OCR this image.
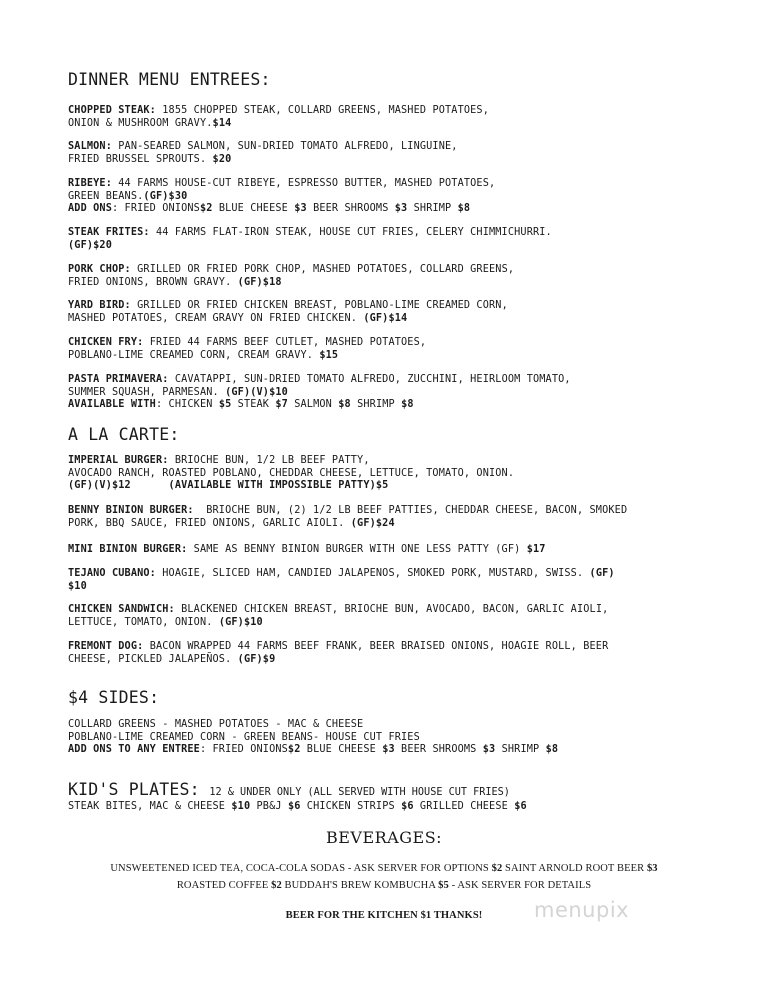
DINNER MENU ENTREES:
CHOPPED STEAK: 1855 CHOPPED STEAK, COLLARD GREENS, MASHED POTATOES,
ONION & MUSHROOM GRAVY.$14
SALMON: PAN-SEARED SALMON, SUN-DRIED TOMATO ALFREDO, LINGUINE,
FRIED BRUSSEL SPROUTS. $20
RIBEYE: 44 FARMS HOUSE-CUT RIBEYE, ESPRESSO BUTTER, MASHED POTATOES,
GREEN BEANS.(GF)$30
ADD ONS: FRIED ONIONS$2 BLUE CHEESE $3 BEER SHROOMS $3 SHRIMP $8
STEAK FRITES: 44 FARMS FLAT-IRON STEAK, HOUSE CUT FRIES, CELERY CHIMMICHURRI.
(GF)$20
PORK CHOP: GRILLED OR FRIED PORK CHOP, MASHED POTATOES, COLLARD GREENS,
FRIED ONIONS, BROWN GRAVY. (GF)$18
YARD BIRD: GRILLED OR FRIED CHICKEN BREAST, POBLANO-LIME CREAMED CORN,
MASHED POTATOES, CREAM GRAVY ON FRIED CHICKEN. (GF)$14
CHICKEN FRY: FRIED 44 FARMS BEEF CUTLET, MASHED POTATOES,
POBLANO-LIME CREAMED CORN, CREAM GRAVY. $15
PASTA PRIMAVERA: CAVATAPPI, SUN-DRIED TOMATO ALFREDO, ZUCCHINI, HEIRLOOM TOMATO,
SUMMER SQUASH, PARMESAN. (GF)(V)$10
AVAILABLE WITH: CHICKEN $5 STEAK $7 SALMON $8 SHRIMP $8
A LA CARTE:
IMPERIAL BURGER: BRIOCHE BUN, 1/2 LB BEEF PATTY,
AVOCADO RANCH, ROASTED POBLANO, CHEDDAR CHEESE, LETTUCE, TOMATO, ONION.
(GF)(V)$12	(AVAILABLE WITH IMPOSSIBLE PATTY)$5
BENNY BINION BURGER:  BRIOCHE BUN, (2) 1/2 LB BEEF PATTIES, CHEDDAR CHEESE, BACON, SMOKED
PORK, BBQ SAUCE, FRIED ONIONS, GARLIC AIOLI. (GF)$24
MINI BINION BURGER: SAME AS BENNY BINION BURGER WITH ONE LESS PATTY (GF) $17
TEJANO CUBANO: HOAGIE, SLICED HAM, CANDIED JALAPENOS, SMOKED PORK, MUSTARD, SWISS. (GF)
$10
CHICKEN SANDWICH: BLACKENED CHICKEN BREAST, BRIOCHE BUN, AVOCADO, BACON, GARLIC AIOLI,
LETTUCE, TOMATO, ONION. (GF)$10
FREMONT DOG: BACON WRAPPED 44 FARMS BEEF FRANK, BEER BRAISED ONIONS, HOAGIE ROLL, BEER
CHEESE, PICKLED JALAPEÑOS. (GF)$9
$4 SIDES:
COLLARD GREENS - MASHED POTATOES - MAC & CHEESE
POBLANO-LIME CREAMED CORN - GREEN BEANS- HOUSE CUT FRIES
ADD ONS TO ANY ENTREE: FRIED ONIONS$2 BLUE CHEESE $3 BEER SHROOMS $3 SHRIMP $8
KID'S PLATES: 12 & UNDER ONLY (ALL SERVED WITH HOUSE CUT FRIES)
STEAK BITES, MAC & CHEESE $10 PB&J $6 CHICKEN STRIPS $6 GRILLED CHEESE $6
BEVERAGES:
UNSWEETENED ICED TEA, COCA-COLA SODAS - ASK SERVER FOR OPTIONS $2 SAINT ARNOLD ROOT BEER $3
ROASTED COFFEE $2 BUDDAH'S BREW KOMBUCHA $5 - ASK SERVER FOR DETAILS
BEER FOR THE KITCHEN $1 THANKS!	menupix
